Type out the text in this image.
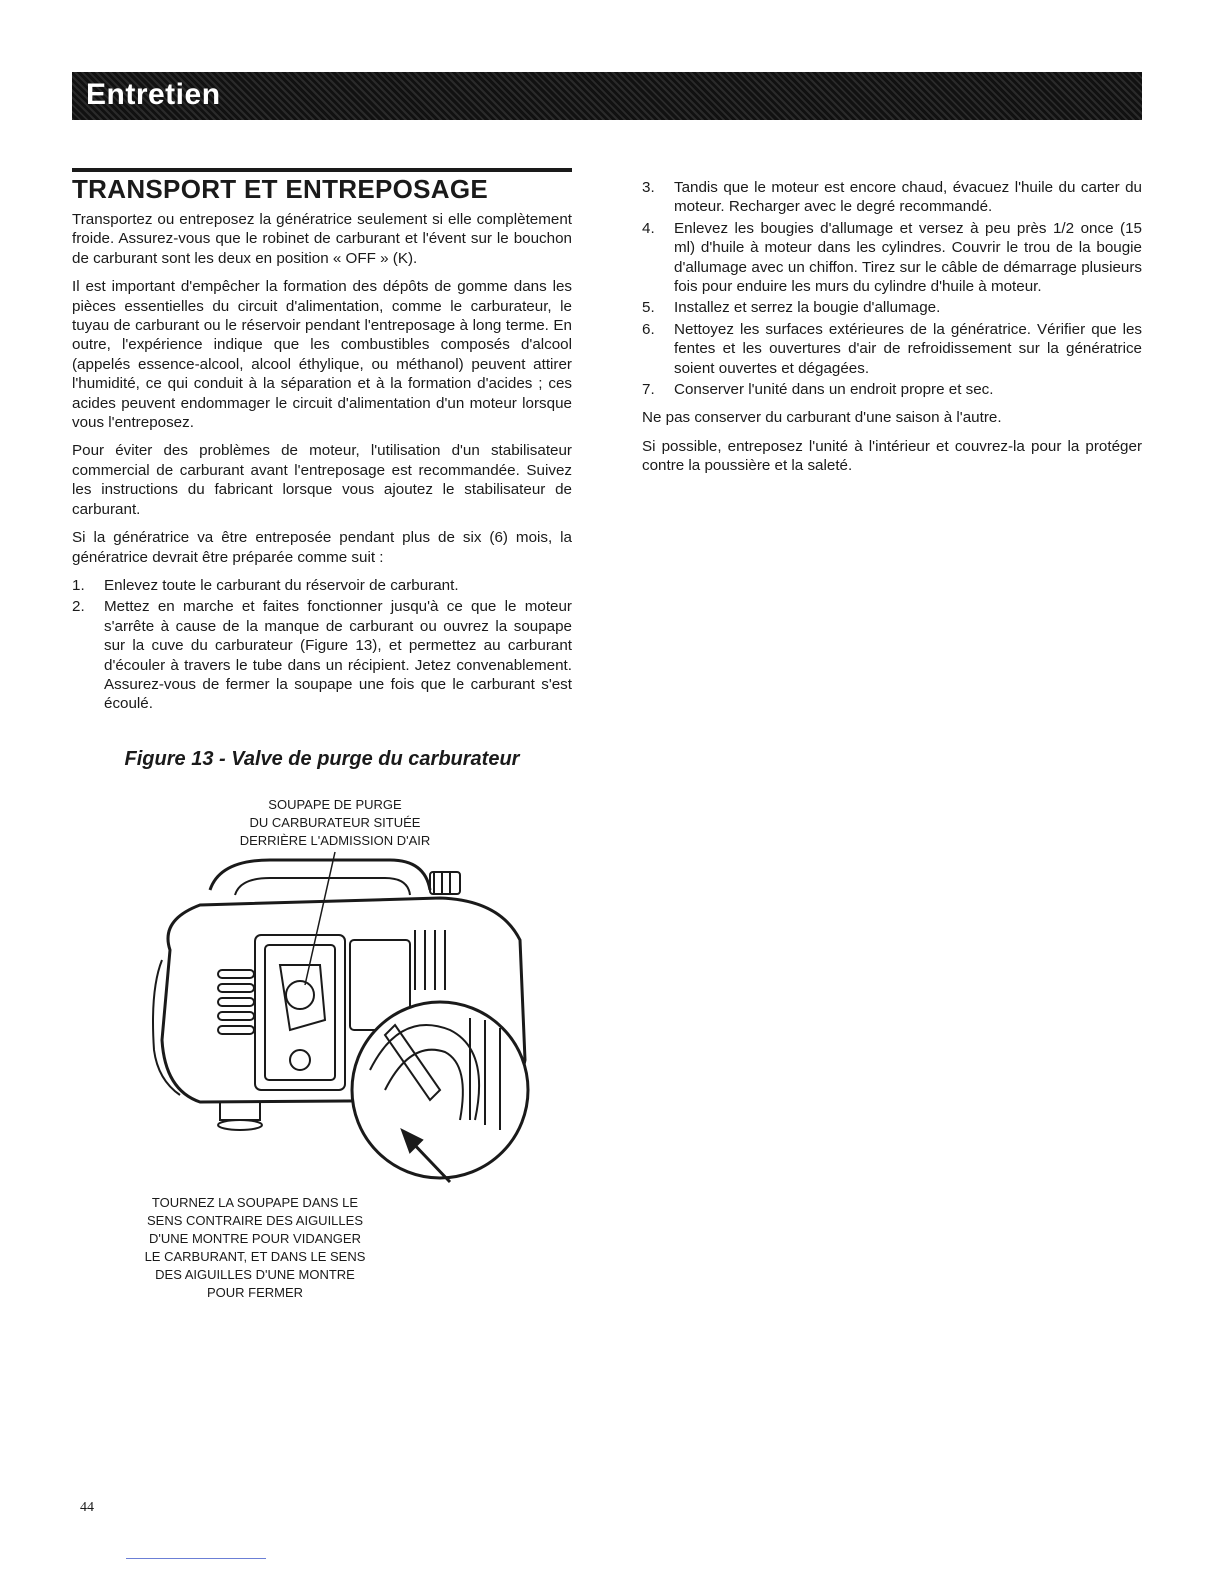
Entretien
TRANSPORT ET ENTREPOSAGE

Transportez ou entreposez la génératrice seulement si elle complètement froide. Assurez-vous que le robinet de carburant et l'évent sur le bouchon de carburant sont les deux en position « OFF » (K).

Il est important d'empêcher la formation des dépôts de gomme dans les pièces essentielles du circuit d'alimentation, comme le carburateur, le tuyau de carburant ou le réservoir pendant l'entreposage à long terme. En outre, l'expérience indique que les combustibles composés d'alcool (appelés essence-alcool, alcool éthylique, ou méthanol) peuvent attirer l'humidité, ce qui conduit à la séparation et à la formation d'acides ; ces acides peuvent endommager le circuit d'alimentation d'un moteur lorsque vous l'entreposez.

Pour éviter des problèmes de moteur, l'utilisation d'un stabilisateur commercial de carburant avant l'entreposage est recommandée. Suivez les instructions du fabricant lorsque vous ajoutez le stabilisateur de carburant.

Si la génératrice va être entreposée pendant plus de six (6) mois, la génératrice devrait être préparée comme suit :

1.	Enlevez toute le carburant du réservoir de carburant.
2.	Mettez en marche et faites fonctionner jusqu'à ce que le moteur s'arrête à cause de la manque de carburant ou ouvrez la soupape sur la cuve du carburateur (Figure 13), et permettez au carburant d'écouler à travers le tube dans un récipient. Jetez convenablement. Assurez-vous de fermer la soupape une fois que le carburant s'est écoulé.
Figure 13 - Valve de purge du carburateur
SOUPAPE DE PURGE
DU CARBURATEUR SITUÉE
DERRIÈRE L'ADMISSION D'AIR
TOURNEZ LA SOUPAPE DANS LE
SENS CONTRAIRE DES AIGUILLES
D'UNE MONTRE POUR VIDANGER
LE CARBURANT, ET DANS LE SENS
DES AIGUILLES D'UNE MONTRE
POUR FERMER
3.	Tandis que le moteur est encore chaud, évacuez l'huile du carter du moteur. Recharger avec le degré recommandé.
4.	Enlevez les bougies d'allumage et versez à peu près 1/2 once (15 ml) d'huile à moteur dans les cylindres. Couvrir le trou de la bougie d'allumage avec un chiffon. Tirez sur le câble de démarrage plusieurs fois pour enduire les murs du cylindre d'huile à moteur.
5.	Installez et serrez la bougie d'allumage.
6.	Nettoyez les surfaces extérieures de la génératrice. Vérifier que les fentes et les ouvertures d'air de refroidissement sur la génératrice soient ouvertes et dégagées.
7.	Conserver l'unité dans un endroit propre et sec.

Ne pas conserver du carburant d'une saison à l'autre.

Si possible, entreposez l'unité à l'intérieur et couvrez-la pour la protéger contre la poussière et la saleté.

44
